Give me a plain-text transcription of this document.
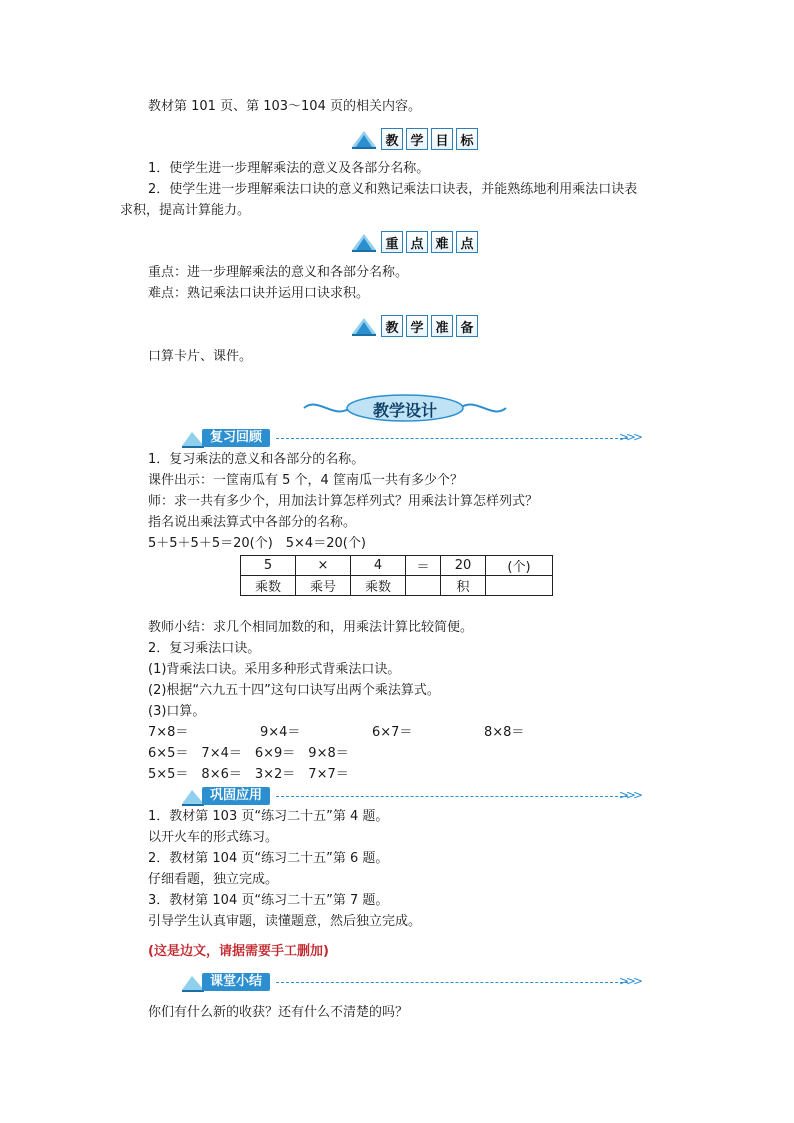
教材第 101 页、第 103～104 页的相关内容。
教 学 目 标
1．使学生进一步理解乘法的意义及各部分名称。
2．使学生进一步理解乘法口诀的意义和熟记乘法口诀表，并能熟练地利用乘法口诀表
求积，提高计算能力。
重 点 难 点
重点：进一步理解乘法的意义和各部分名称。
难点：熟记乘法口诀并运用口诀求积。
教 学 准 备
口算卡片、课件。
教学设计
复习回顾	>>>
1．复习乘法的意义和各部分的名称。
课件出示：一筐南瓜有 5 个，4 筐南瓜一共有多少个？
师：求一共有多少个，用加法计算怎样列式？用乘法计算怎样列式？
指名说出乘法算式中各部分的名称。
5＋5＋5＋5＝20(个)　5×4＝20(个)
5	×	4	＝	20	(个)
乘数	乘号	乘数		积	
教师小结：求几个相同加数的和，用乘法计算比较简便。
2．复习乘法口诀。
(1)背乘法口诀。采用多种形式背乘法口诀。
(2)根据“六九五十四”这句口诀写出两个乘法算式。
(3)口算。
7×8＝	9×4＝	6×7＝	8×8＝
6×5＝　7×4＝　6×9＝　9×8＝
5×5＝　8×6＝　3×2＝　7×7＝
巩固应用	>>>
1．教材第 103 页“练习二十五”第 4 题。
以开火车的形式练习。
2．教材第 104 页“练习二十五”第 6 题。
仔细看题，独立完成。
3．教材第 104 页“练习二十五”第 7 题。
引导学生认真审题，读懂题意，然后独立完成。
(这是边文，请据需要手工删加)
课堂小结	>>>
你们有什么新的收获？还有什么不清楚的吗？
